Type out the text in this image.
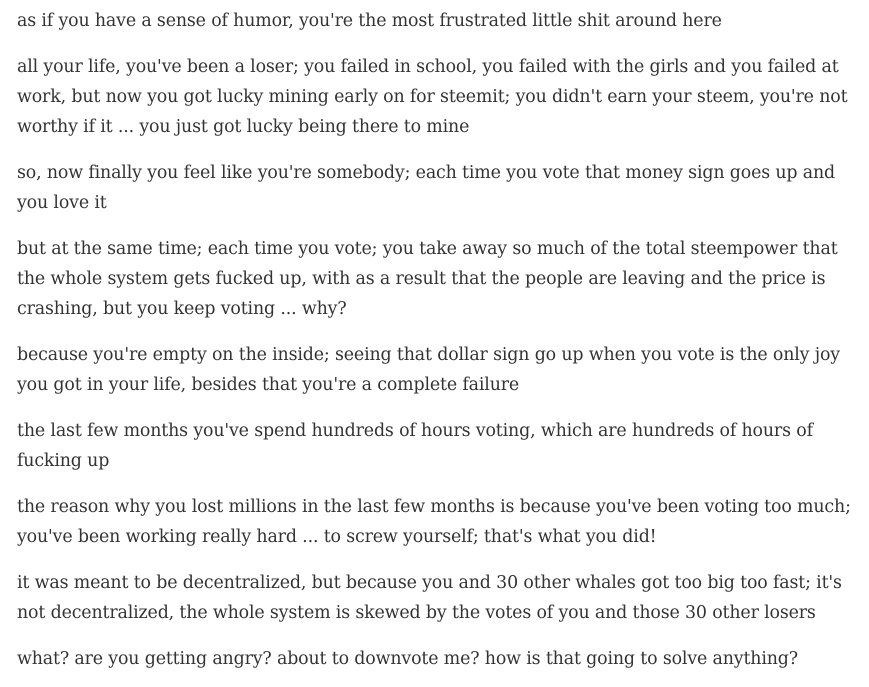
as if you have a sense of humor, you're the most frustrated little shit around here

all your life, you've been a loser; you failed in school, you failed with the girls and you failed at work, but now you got lucky mining early on for steemit; you didn't earn your steem, you're not worthy if it ... you just got lucky being there to mine

so, now finally you feel like you're somebody; each time you vote that money sign goes up and you love it

but at the same time; each time you vote; you take away so much of the total steempower that the whole system gets fucked up, with as a result that the people are leaving and the price is crashing, but you keep voting ... why?

because you're empty on the inside; seeing that dollar sign go up when you vote is the only joy you got in your life, besides that you're a complete failure

the last few months you've spend hundreds of hours voting, which are hundreds of hours of fucking up

the reason why you lost millions in the last few months is because you've been voting too much; you've been working really hard ... to screw yourself; that's what you did!

it was meant to be decentralized, but because you and 30 other whales got too big too fast; it's not decentralized, the whole system is skewed by the votes of you and those 30 other losers

what? are you getting angry? about to downvote me? how is that going to solve anything?
